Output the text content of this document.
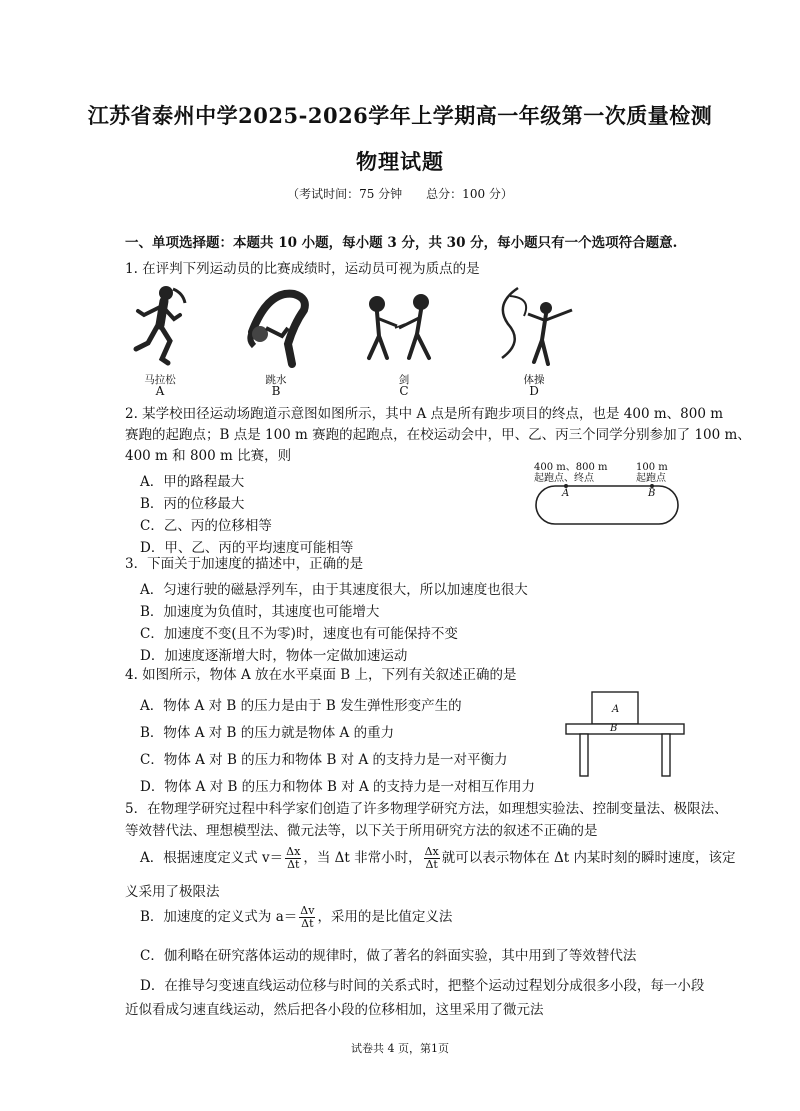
江苏省泰州中学2025-2026学年上学期高一年级第一次质量检测
物理试题
（考试时间：75 分钟　　总分：100 分）
一、单项选择题：本题共 10 小题，每小题 3 分，共 30 分，每小题只有一个选项符合题意.
1. 在评判下列运动员的比赛成绩时，运动员可视为质点的是
马拉松
A
跳水
B
剑
C
体操
D
2. 某学校田径运动场跑道示意图如图所示，其中 A 点是所有跑步项目的终点，也是 400 m、800 m
赛跑的起跑点；B 点是 100 m 赛跑的起跑点，在校运动会中，甲、乙、丙三个同学分别参加了 100 m、
400 m 和 800 m 比赛，则
A．甲的路程最大
B．丙的位移最大
C．乙、丙的位移相等
D．甲、乙、丙的平均速度可能相等
400 m、800 m
起跑点、终点
100 m
起跑点
A	B
3．下面关于加速度的描述中，正确的是
A．匀速行驶的磁悬浮列车，由于其速度很大，所以加速度也很大
B．加速度为负值时，其速度也可能增大
C．加速度不变(且不为零)时，速度也有可能保持不变
D．加速度逐渐增大时，物体一定做加速运动
4. 如图所示，物体 A 放在水平桌面 B 上，下列有关叙述正确的是
A．物体 A 对 B 的压力是由于 B 发生弹性形变产生的
B．物体 A 对 B 的压力就是物体 A 的重力
C．物体 A 对 B 的压力和物体 B 对 A 的支持力是一对平衡力
D．物体 A 对 B 的压力和物体 B 对 A 的支持力是一对相互作用力
A
B
5．在物理学研究过程中科学家们创造了许多物理学研究方法，如理想实验法、控制变量法、极限法、
等效替代法、理想模型法、微元法等，以下关于所用研究方法的叙述不正确的是
A．根据速度定义式 $v= \frac{\Delta x}{\Delta t}$ ，当 Δt 非常小时， $\frac{\Delta x}{\Delta t}$ 就可以表示物体在 Δt 内某时刻的瞬时速度，该定
义采用了极限法
B．加速度的定义式为 $a= \frac{\Delta v}{\Delta t}$ ，采用的是比值定义法
C．伽利略在研究落体运动的规律时，做了著名的斜面实验，其中用到了等效替代法
D．在推导匀变速直线运动位移与时间的关系式时，把整个运动过程划分成很多小段，每一小段
近似看成匀速直线运动，然后把各小段的位移相加，这里采用了微元法
试卷共 4 页，第1页
